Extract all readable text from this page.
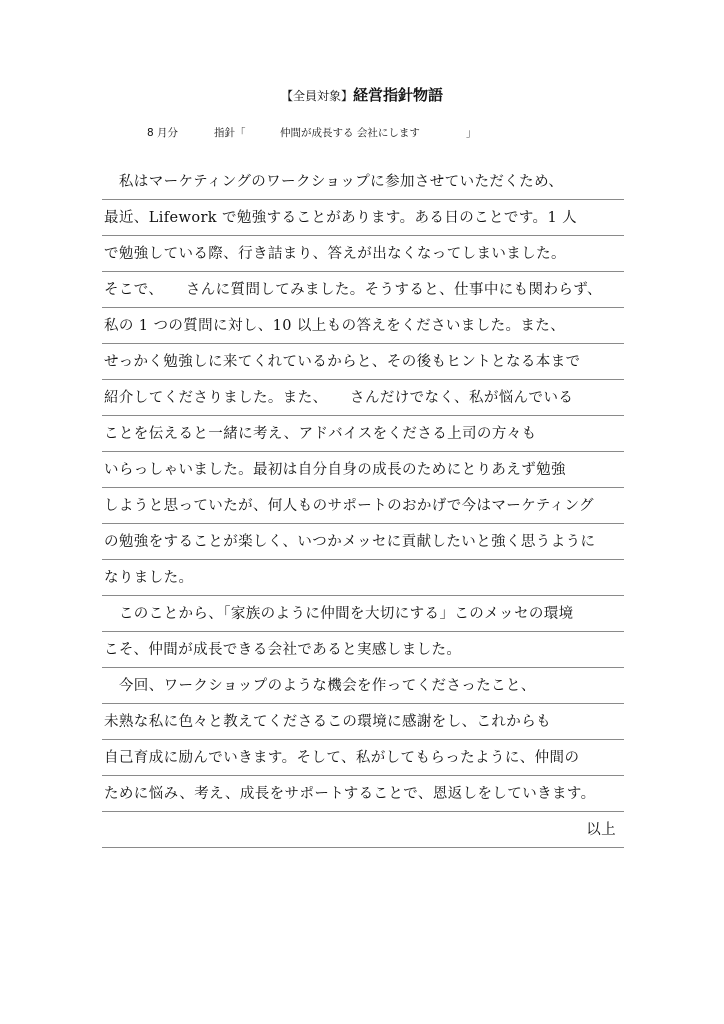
【全員対象】経営指針物語
8 月分	指針「	仲間が成長する 会社にします	」
　私はマーケティングのワークショップに参加させていただくため、
最近、Lifework で勉強することがあります。ある日のことです。1 人
で勉強している際、行き詰まり、答えが出なくなってしまいました。
そこで、　　さんに質問してみました。そうすると、仕事中にも関わらず、
私の 1 つの質問に対し、10 以上もの答えをくださいました。また、
せっかく勉強しに来てくれているからと、その後もヒントとなる本まで
紹介してくださりました。また、　　さんだけでなく、私が悩んでいる
ことを伝えると一緒に考え、アドバイスをくださる上司の方々も
いらっしゃいました。最初は自分自身の成長のためにとりあえず勉強
しようと思っていたが、何人ものサポートのおかげで今はマーケティング
の勉強をすることが楽しく、いつかメッセに貢献したいと強く思うように
なりました。
　このことから、「家族のように仲間を大切にする」このメッセの環境
こそ、仲間が成長できる会社であると実感しました。
　今回、ワークショップのような機会を作ってくださったこと、
未熟な私に色々と教えてくださるこの環境に感謝をし、これからも
自己育成に励んでいきます。そして、私がしてもらったように、仲間の
ために悩み、考え、成長をサポートすることで、恩返しをしていきます。
以上
